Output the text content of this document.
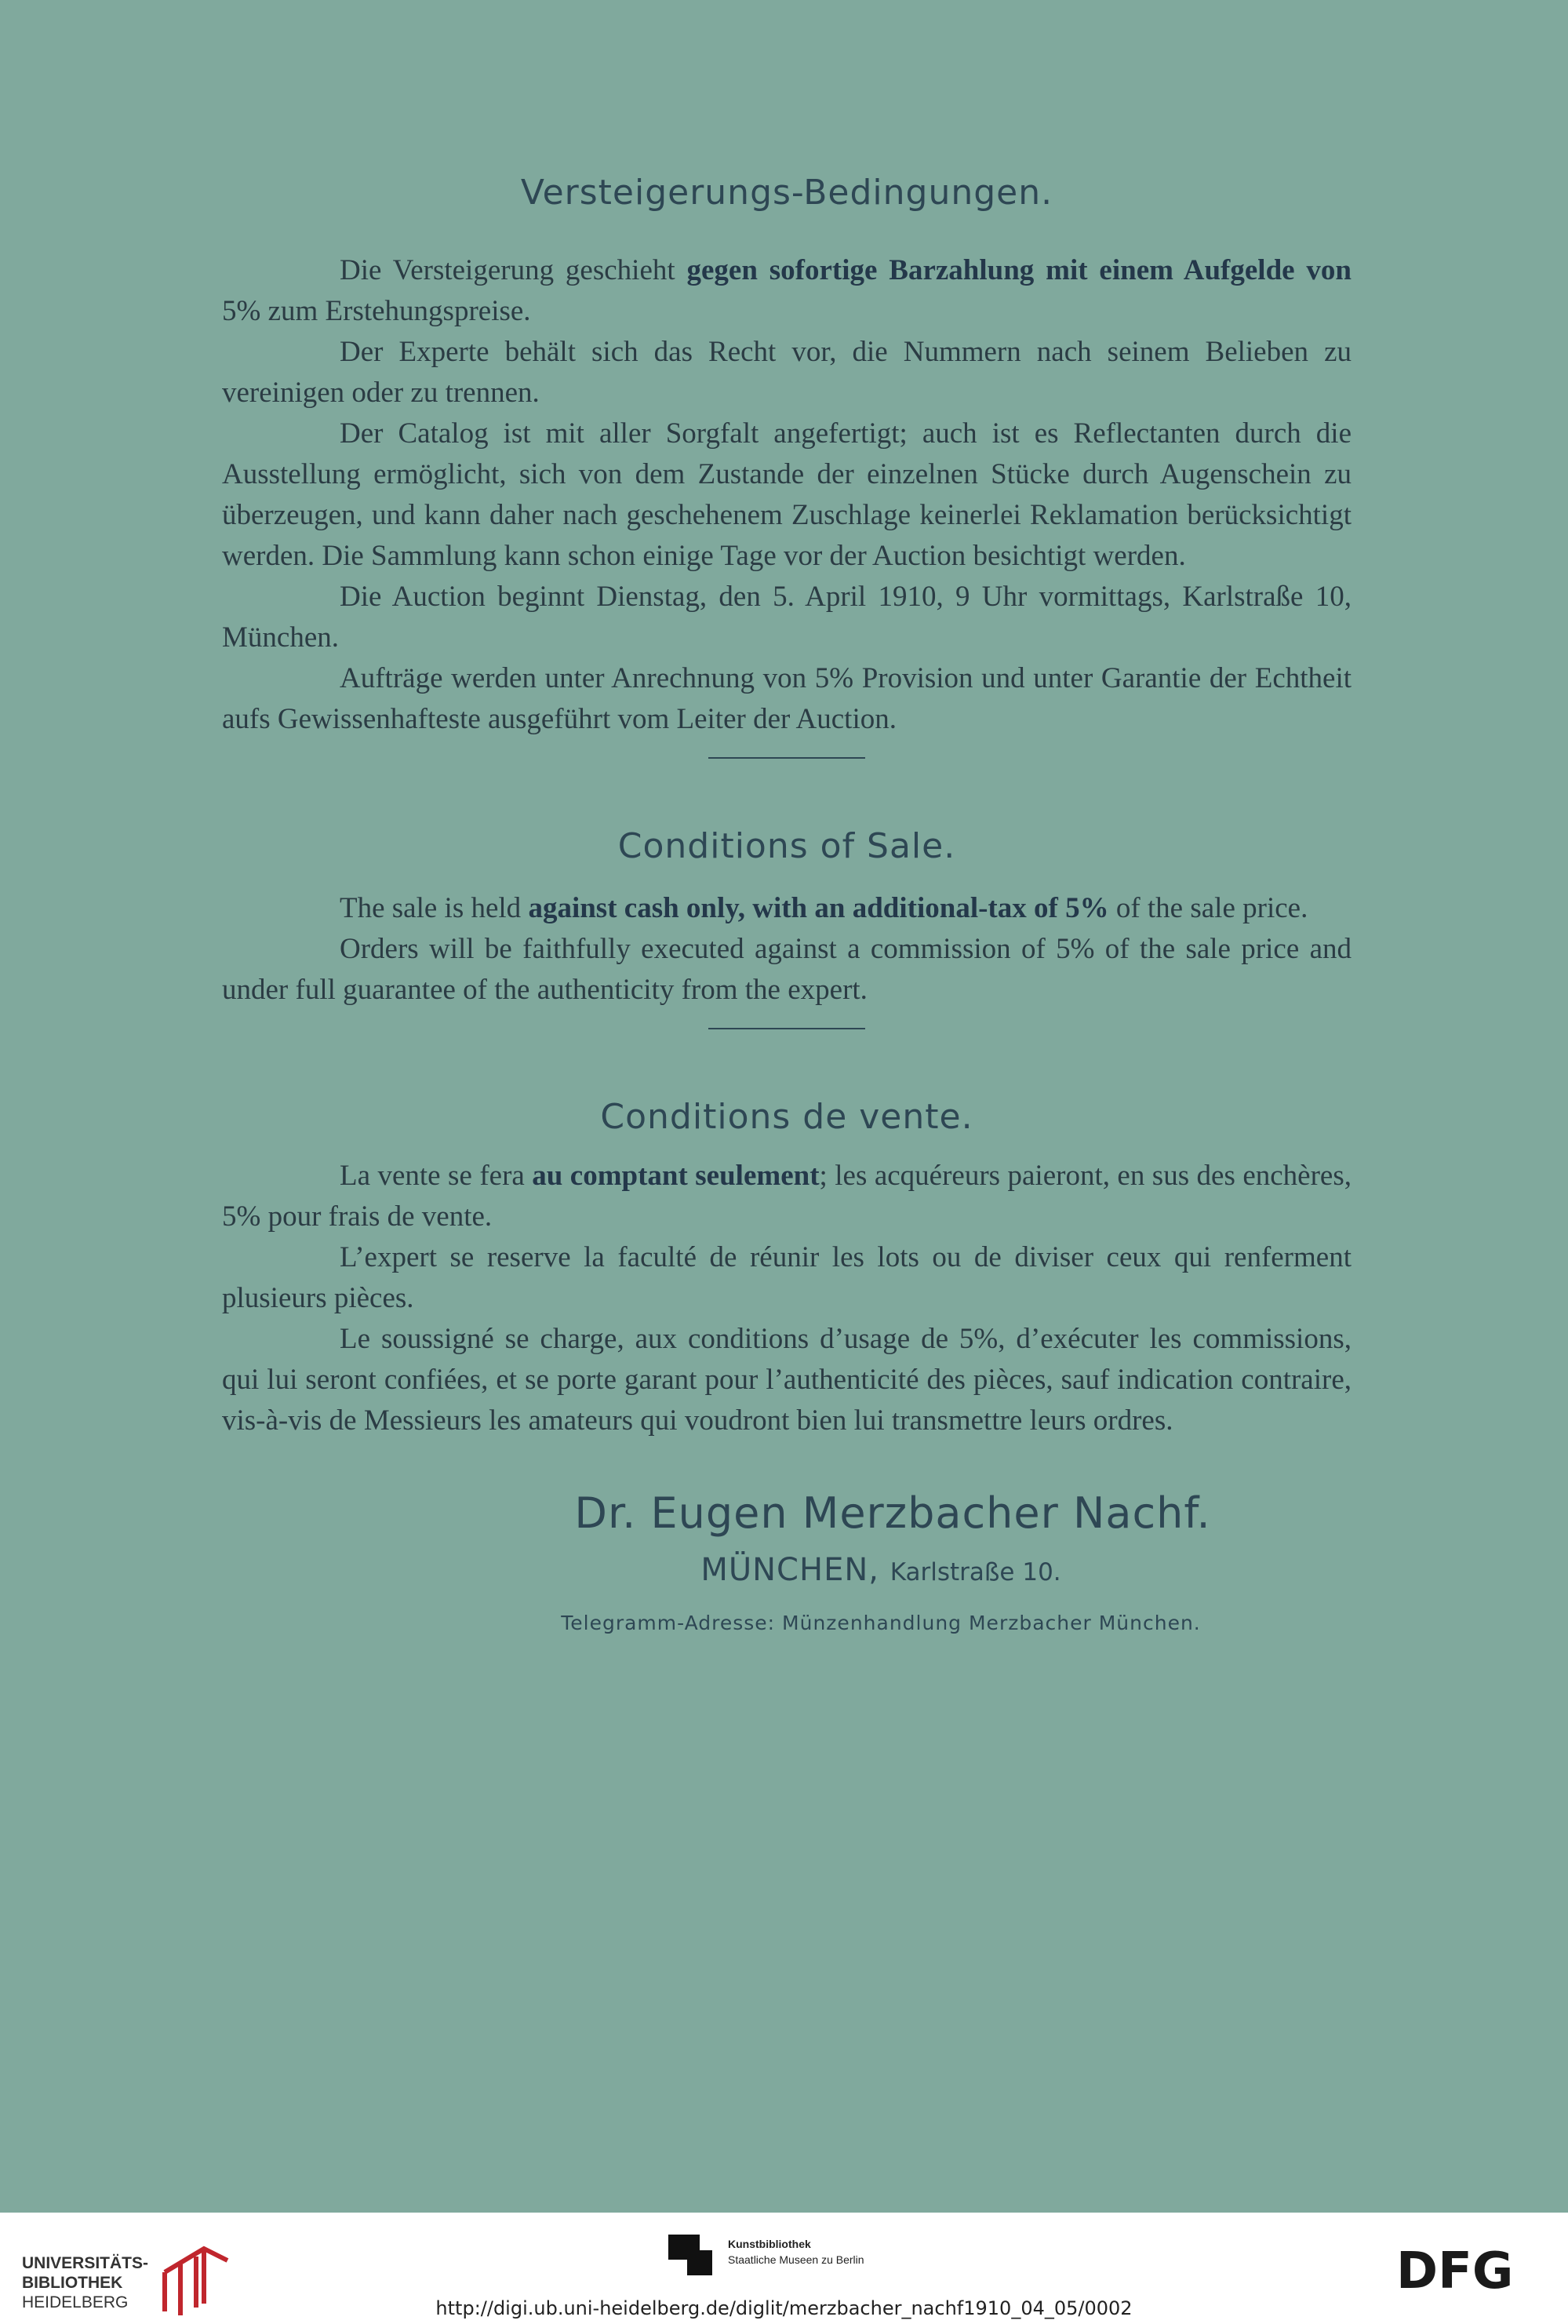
Versteigerungs-Bedingungen.

Die Versteigerung geschieht gegen sofortige Barzahlung mit einem Aufgelde von 5% zum Erstehungspreise.

Der Experte behält sich das Recht vor, die Nummern nach seinem Belieben zu vereinigen oder zu trennen.

Der Catalog ist mit aller Sorgfalt angefertigt; auch ist es Reflectanten durch die Ausstellung ermöglicht, sich von dem Zustande der einzelnen Stücke durch Augenschein zu überzeugen, und kann daher nach geschehenem Zuschlage keinerlei Reklamation berücksichtigt werden. Die Sammlung kann schon einige Tage vor der Auction besichtigt werden.

Die Auction beginnt Dienstag, den 5. April 1910, 9 Uhr vormittags, Karlstraße 10, München.

Aufträge werden unter Anrechnung von 5% Provision und unter Garantie der Echtheit aufs Gewissenhafteste ausgeführt vom Leiter der Auction.

Conditions of Sale.

The sale is held against cash only, with an additional-tax of 5% of the sale price.

Orders will be faithfully executed against a commission of 5% of the sale price and under full guarantee of the authenticity from the expert.

Conditions de vente.

La vente se fera au comptant seulement; les acquéreurs paieront, en sus des enchères, 5% pour frais de vente.

L’expert se reserve la faculté de réunir les lots ou de diviser ceux qui renferment plusieurs pièces.

Le soussigné se charge, aux conditions d’usage de 5%, d’exécuter les commissions, qui lui seront confiées, et se porte garant pour l’authenticité des pièces, sauf indication contraire, vis-à-vis de Messieurs les amateurs qui voudront bien lui transmettre leurs ordres.

Dr. Eugen Merzbacher Nachf.
MÜNCHEN, Karlstraße 10.
Telegramm-Adresse: Münzenhandlung Merzbacher München.
UNIVERSITÄTS-
BIBLIOTHEK
HEIDELBERG
Kunstbibliothek
Staatliche Museen zu Berlin	DFG
http://digi.ub.uni-heidelberg.de/diglit/merzbacher_nachf1910_04_05/0002
